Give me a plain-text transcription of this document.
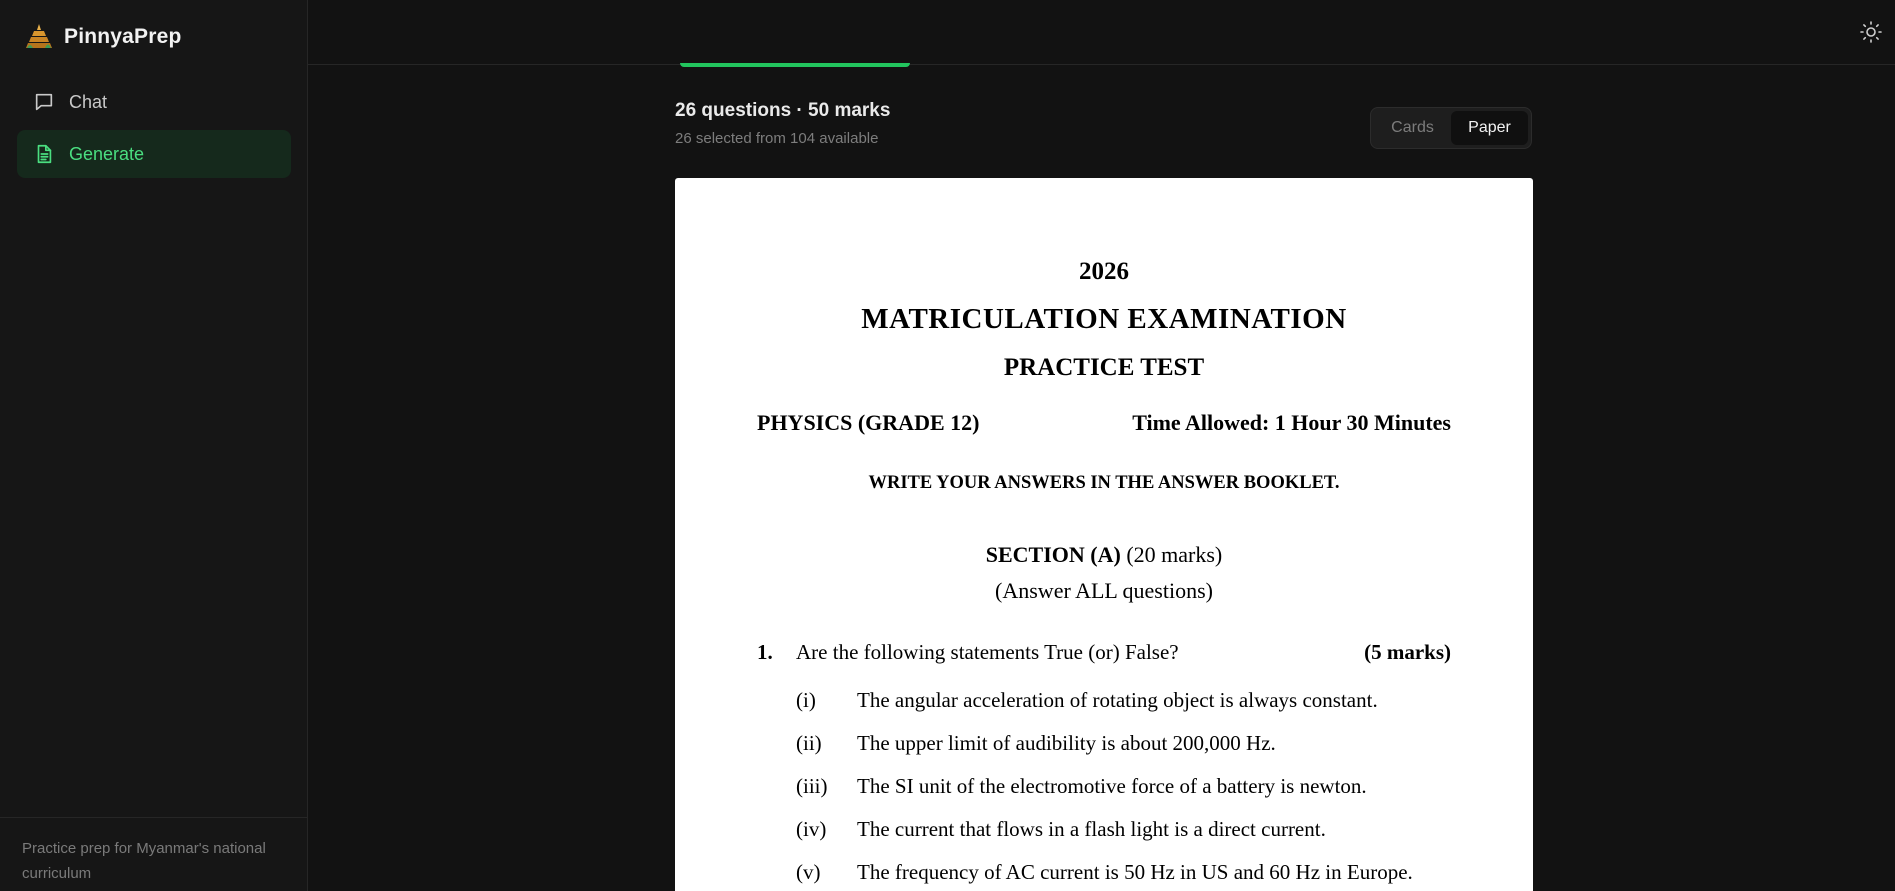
PinnyaPrep
Chat
Generate
Practice prep for Myanmar's national curriculum
26 questions · 50 marks
26 selected from 104 available
Cards	Paper
2026
MATRICULATION EXAMINATION
PRACTICE TEST
PHYSICS (GRADE 12)	Time Allowed: 1 Hour 30 Minutes
WRITE YOUR ANSWERS IN THE ANSWER BOOKLET.
SECTION (A) (20 marks)
(Answer ALL questions)
1. Are the following statements True (or) False?	(5 marks)
(i) The angular acceleration of rotating object is always constant.
(ii) The upper limit of audibility is about 200,000 Hz.
(iii) The SI unit of the electromotive force of a battery is newton.
(iv) The current that flows in a flash light is a direct current.
(v) The frequency of AC current is 50 Hz in US and 60 Hz in Europe.
